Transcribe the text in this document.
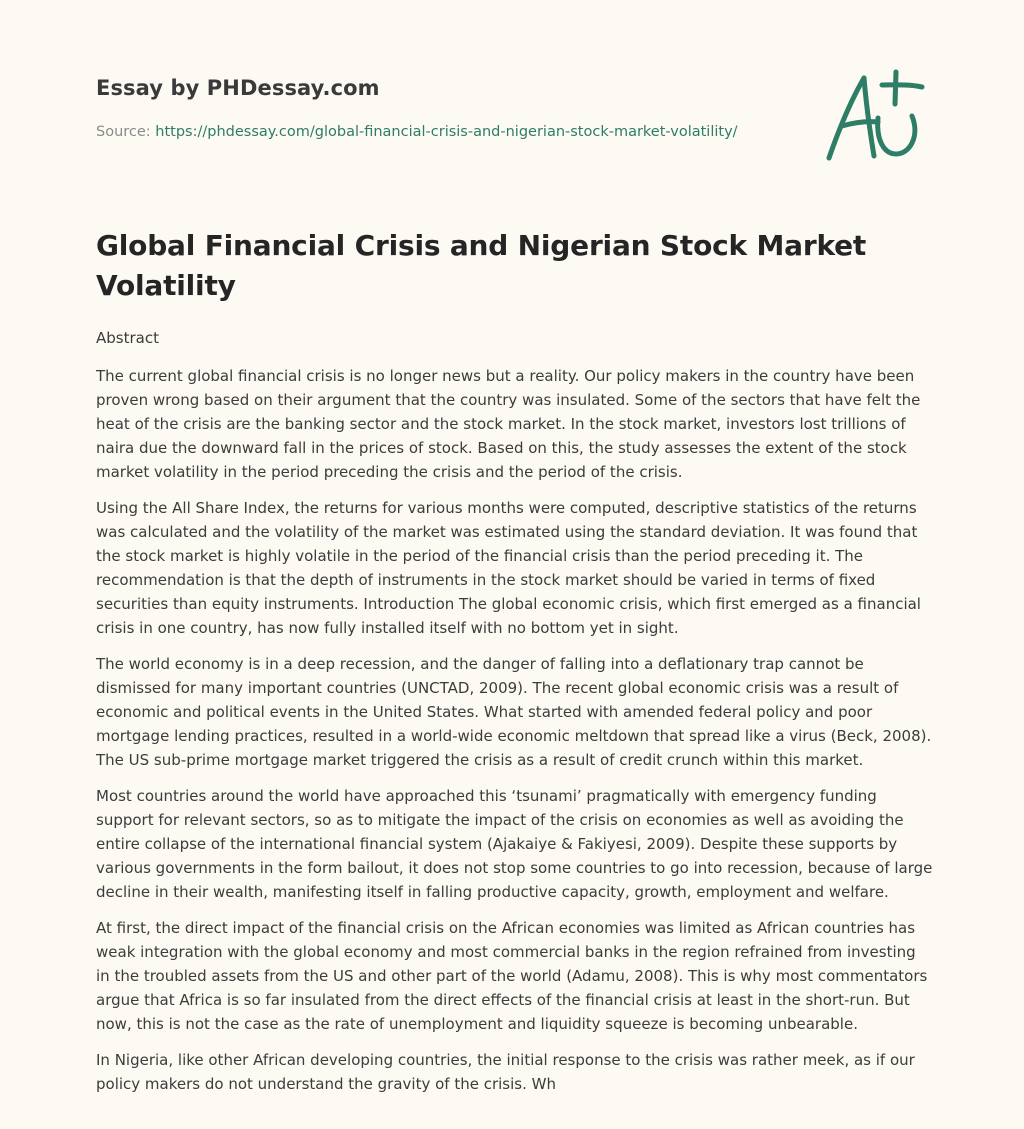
Essay by PHDessay.com
Source: https://phdessay.com/global-financial-crisis-and-nigerian-stock-market-volatility/
Global Financial Crisis and Nigerian Stock Market Volatility

Abstract

The current global financial crisis is no longer news but a reality. Our policy makers in the country have been proven wrong based on their argument that the country was insulated. Some of the sectors that have felt the heat of the crisis are the banking sector and the stock market. In the stock market, investors lost trillions of naira due the downward fall in the prices of stock. Based on this, the study assesses the extent of the stock market volatility in the period preceding the crisis and the period of the crisis.

Using the All Share Index, the returns for various months were computed, descriptive statistics of the returns was calculated and the volatility of the market was estimated using the standard deviation. It was found that the stock market is highly volatile in the period of the financial crisis than the period preceding it. The recommendation is that the depth of instruments in the stock market should be varied in terms of fixed securities than equity instruments. Introduction The global economic crisis, which first emerged as a financial crisis in one country, has now fully installed itself with no bottom yet in sight.

The world economy is in a deep recession, and the danger of falling into a deflationary trap cannot be dismissed for many important countries (UNCTAD, 2009). The recent global economic crisis was a result of economic and political events in the United States. What started with amended federal policy and poor mortgage lending practices, resulted in a world-wide economic meltdown that spread like a virus (Beck, 2008). The US sub-prime mortgage market triggered the crisis as a result of credit crunch within this market.

Most countries around the world have approached this ‘tsunami’ pragmatically with emergency funding support for relevant sectors, so as to mitigate the impact of the crisis on economies as well as avoiding the entire collapse of the international financial system (Ajakaiye & Fakiyesi, 2009). Despite these supports by various governments in the form bailout, it does not stop some countries to go into recession, because of large decline in their wealth, manifesting itself in falling productive capacity, growth, employment and welfare.

At first, the direct impact of the financial crisis on the African economies was limited as African countries has weak integration with the global economy and most commercial banks in the region refrained from investing in the troubled assets from the US and other part of the world (Adamu, 2008). This is why most commentators argue that Africa is so far insulated from the direct effects of the financial crisis at least in the short-run. But now, this is not the case as the rate of unemployment and liquidity squeeze is becoming unbearable.

In Nigeria, like other African developing countries, the initial response to the crisis was rather meek, as if our policy makers do not understand the gravity of the crisis. Wh
